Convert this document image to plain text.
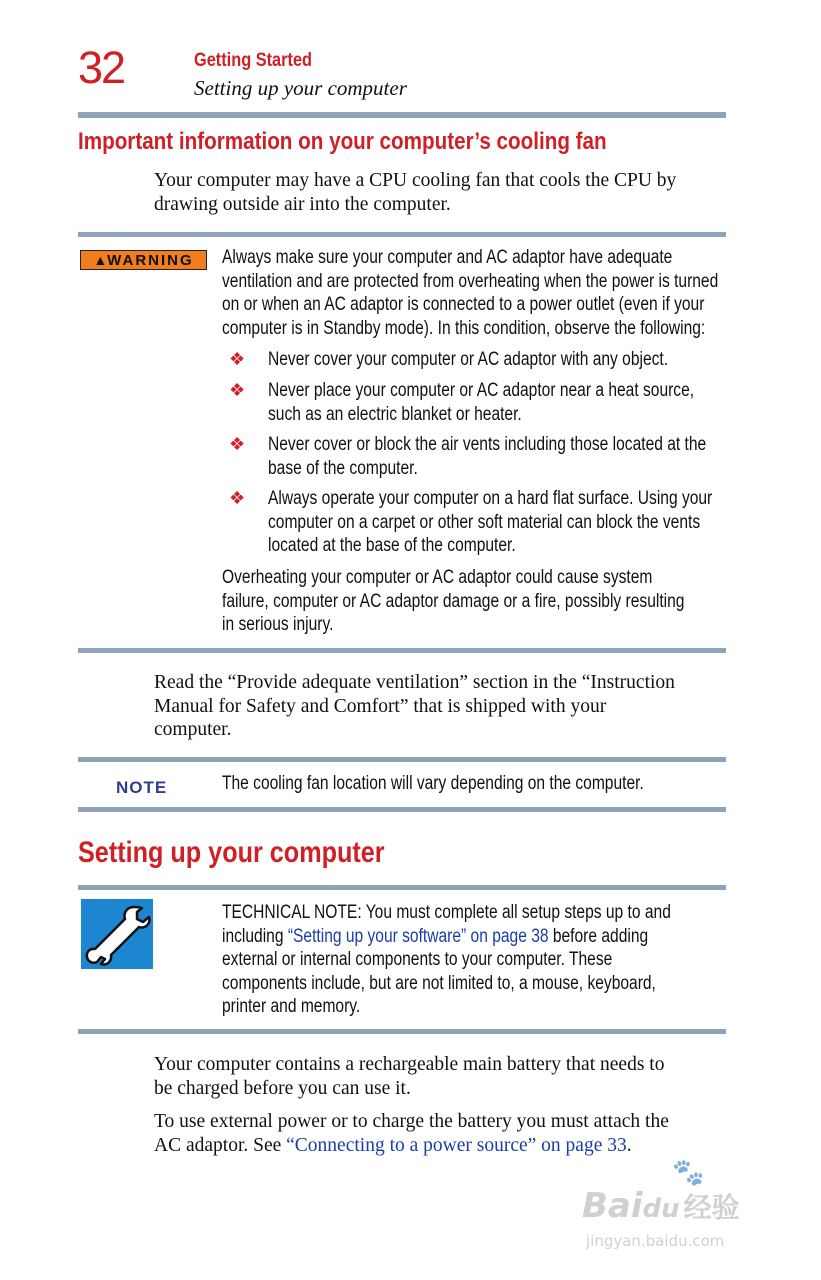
32	Getting Started
Setting up your computer
Important information on your computer’s cooling fan
Your computer may have a CPU cooling fan that cools the CPU by
drawing outside air into the computer.
▲WARNING	Always make sure your computer and AC adaptor have adequate
ventilation and are protected from overheating when the power is turned
on or when an AC adaptor is connected to a power outlet (even if your
computer is in Standby mode). In this condition, observe the following:
❖ Never cover your computer or AC adaptor with any object.
❖ Never place your computer or AC adaptor near a heat source,
such as an electric blanket or heater.
❖ Never cover or block the air vents including those located at the
base of the computer.
❖ Always operate your computer on a hard flat surface. Using your
computer on a carpet or other soft material can block the vents
located at the base of the computer.
Overheating your computer or AC adaptor could cause system
failure, computer or AC adaptor damage or a fire, possibly resulting
in serious injury.
Read the “Provide adequate ventilation” section in the “Instruction
Manual for Safety and Comfort” that is shipped with your
computer.
NOTE	The cooling fan location will vary depending on the computer.
Setting up your computer
TECHNICAL NOTE: You must complete all setup steps up to and
including “Setting up your software” on page 38 before adding
external or internal components to your computer. These
components include, but are not limited to, a mouse, keyboard,
printer and memory.
Your computer contains a rechargeable main battery that needs to
be charged before you can use it.
To use external power or to charge the battery you must attach the
AC adaptor. See “Connecting to a power source” on page 33.
🐾
Baidu 经验
jingyan.baidu.com
